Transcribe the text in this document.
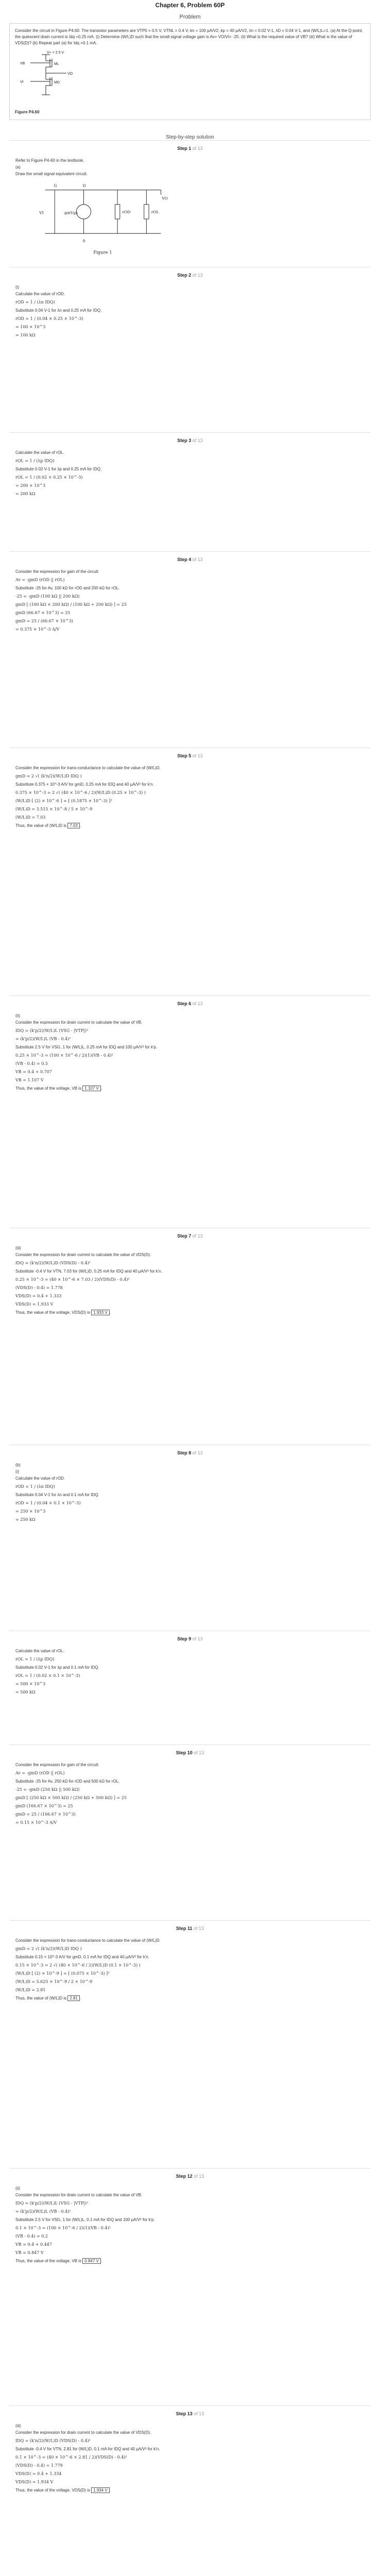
Chapter 6, Problem 60P
Problem
Consider the circuit in Figure P4.60. The transistor parameters are VTP0 = 0.5 V, VTNL = 0.4 V, kn = 100 µA/V2, kp = 40 µA/V2, λn = 0.02 V-1, λD = 0.04 V-1, and (W/L)L=1. (a) At the Q-point, the quiescent drain current is Idq =0.25 mA. (i) Determine (W/L)D such that the small-signal voltage gain is Av= VO/VI= -25. (ii) What is the required value of VB? (iii) What is the value of VDS(D)? (b) Repeat part (a) for Idq =0.1 mA.
V+ = 2.5 V
VB
VI
VO
ML
MD
Figure P4.60
Step-by-step solution
Step 1 of 13
Refer to Figure P4-60 in the textbook.
(a)
Draw the small signal equivalent circuit.
G	D
S
VI	gmVgs	rOD	rOL
VO
Figure 1
Step 2 of 13
(i)
Calculate the value of rOD.
rOD = 1 / (λn IDQ)
Substitute 0.04 V-1 for λn and 0.25 mA for IDQ.
rOD = 1 / (0.04 × 0.25 × 10^-3)
= 100 × 10^3
= 100 kΩ
Step 3 of 13
Calculate the value of rOL.
rOL = 1 / (λp IDQ)
Substitute 0.02 V-1 for λp and 0.25 mA for IDQ.
rOL = 1 / (0.02 × 0.25 × 10^-3)
= 200 × 10^3
= 200 kΩ
Step 4 of 13
Consider the expression for gain of the circuit.
Av = -gmD (rOD || rOL)
Substitute -25 for Av, 100 kΩ for rOD and 200 kΩ for rOL.
-25 = -gmD (100 kΩ || 200 kΩ)
gmD [ (100 kΩ × 200 kΩ) / (100 kΩ + 200 kΩ) ] = 25
gmD (66.67 × 10^3) = 25
gmD = 25 / (66.67 × 10^3)
= 0.375 × 10^-3 A/V
Step 5 of 13
Consider the expression for trans-conductance to calculate the value of (W/L)D.
gmD = 2 √( (k'n/2)(W/L)D IDQ )
Substitute 0.375 × 10^-3 A/V for gmD, 0.25 mA for IDQ and 40 µA/V² for k'n.
0.375 × 10^-3 = 2 √( (40 × 10^-6 / 2)(W/L)D (0.25 × 10^-3) )
(W/L)D [ (2) × 10^-6 ] = [ (0.1875 × 10^-3) ]²
(W/L)D = 3.515 × 10^-8 / 5 × 10^-9
(W/L)D = 7.03
Thus, the value of (W/L)D is 7.03 .
Step 6 of 13
(ii)
Consider the expression for drain current to calculate the value of VB.
IDQ = (k'p/2)(W/L)L (VSG - |VTP|)²
= (k'p/2)(W/L)L (VB - 0.4)²
Substitute 2.5 V for VSG, 1 for (W/L)L, 0.25 mA for IDQ and 100 µA/V² for k'p.
0.25 × 10^-3 = (100 × 10^-6 / 2)(1)(VB - 0.4)²
(VB - 0.4) = 0.5
VB = 0.4 + 0.707
VB = 1.107 V
Thus, the value of the voltage, VB is 1.107 V .
Step 7 of 13
(iii)
Consider the expression for drain current to calculate the value of VDS(D).
IDQ = (k'n/2)(W/L)D (VDS(D) - 0.4)²
Substitute -0.4 V for VTN, 7.03 for (W/L)D, 0.25 mA for IDQ and 40 µA/V² for k'n.
0.25 × 10^-3 = (40 × 10^-6 × 7.03 / 2)(VDS(D) - 0.4)²
(VDS(D) - 0.4) = 1.778
VDS(D) = 0.4 + 1.333
VDS(D) = 1.933 V
Thus, the value of the voltage, VDS(D) is 1.933 V .
Step 8 of 13
(b)
(i)
Calculate the value of rOD.
rOD = 1 / (λn IDQ)
Substitute 0.04 V-1 for λn and 0.1 mA for IDQ.
rOD = 1 / (0.04 × 0.1 × 10^-3)
= 250 × 10^3
= 250 kΩ
Step 9 of 13
Calculate the value of rOL.
rOL = 1 / (λp IDQ)
Substitute 0.02 V-1 for λp and 0.1 mA for IDQ.
rOL = 1 / (0.02 × 0.1 × 10^-3)
= 500 × 10^3
= 500 kΩ
Step 10 of 13
Consider the expression for gain of the circuit.
Av = -gmD (rOD || rOL)
Substitute -25 for Av, 250 kΩ for rOD and 500 kΩ for rOL.
-25 = -gmD (250 kΩ || 500 kΩ)
gmD [ (250 kΩ × 500 kΩ) / (250 kΩ + 500 kΩ) ] = 25
gmD (166.67 × 10^3) = 25
gmD = 25 / (166.67 × 10^3)
= 0.15 × 10^-3 A/V
Step 11 of 13
Consider the expression for trans-conductance to calculate the value of (W/L)D.
gmD = 2 √( (k'n/2)(W/L)D IDQ )
Substitute 0.15 × 10^-3 A/V for gmD, 0.1 mA for IDQ and 40 µA/V² for k'n.
0.15 × 10^-3 = 2 √( (40 × 10^-6 / 2)(W/L)D (0.1 × 10^-3) )
(W/L)D [ (2) × 10^-9 ] = [ (0.075 × 10^-3) ]²
(W/L)D = 5.625 × 10^-9 / 2 × 10^-9
(W/L)D = 2.81
Thus, the value of (W/L)D is 2.81 .
Step 12 of 13
(ii)
Consider the expression for drain current to calculate the value of VB.
IDQ = (k'p/2)(W/L)L (VSG - |VTP|)²
= (k'p/2)(W/L)L (VB - 0.4)²
Substitute 2.5 V for VSG, 1 for (W/L)L, 0.1 mA for IDQ and 100 µA/V² for k'p.
0.1 × 10^-3 = (100 × 10^-6 / 2)(1)(VB - 0.4)²
(VB - 0.4) = 0.2
VB = 0.4 + 0.447
VB = 0.847 V
Thus, the value of the voltage, VB is 0.847 V .
Step 13 of 13
(iii)
Consider the expression for drain current to calculate the value of VDS(D).
IDQ = (k'n/2)(W/L)D (VDS(D) - 0.4)²
Substitute -0.4 V for VTN, 2.81 for (W/L)D, 0.1 mA for IDQ and 40 µA/V² for k'n.
0.1 × 10^-3 = (40 × 10^-6 × 2.81 / 2)(VDS(D) - 0.4)²
(VDS(D) - 0.4) = 1.779
VDS(D) = 0.4 + 1.334
VDS(D) = 1.934 V
Thus, the value of the voltage, VDS(D) is 1.934 V .
